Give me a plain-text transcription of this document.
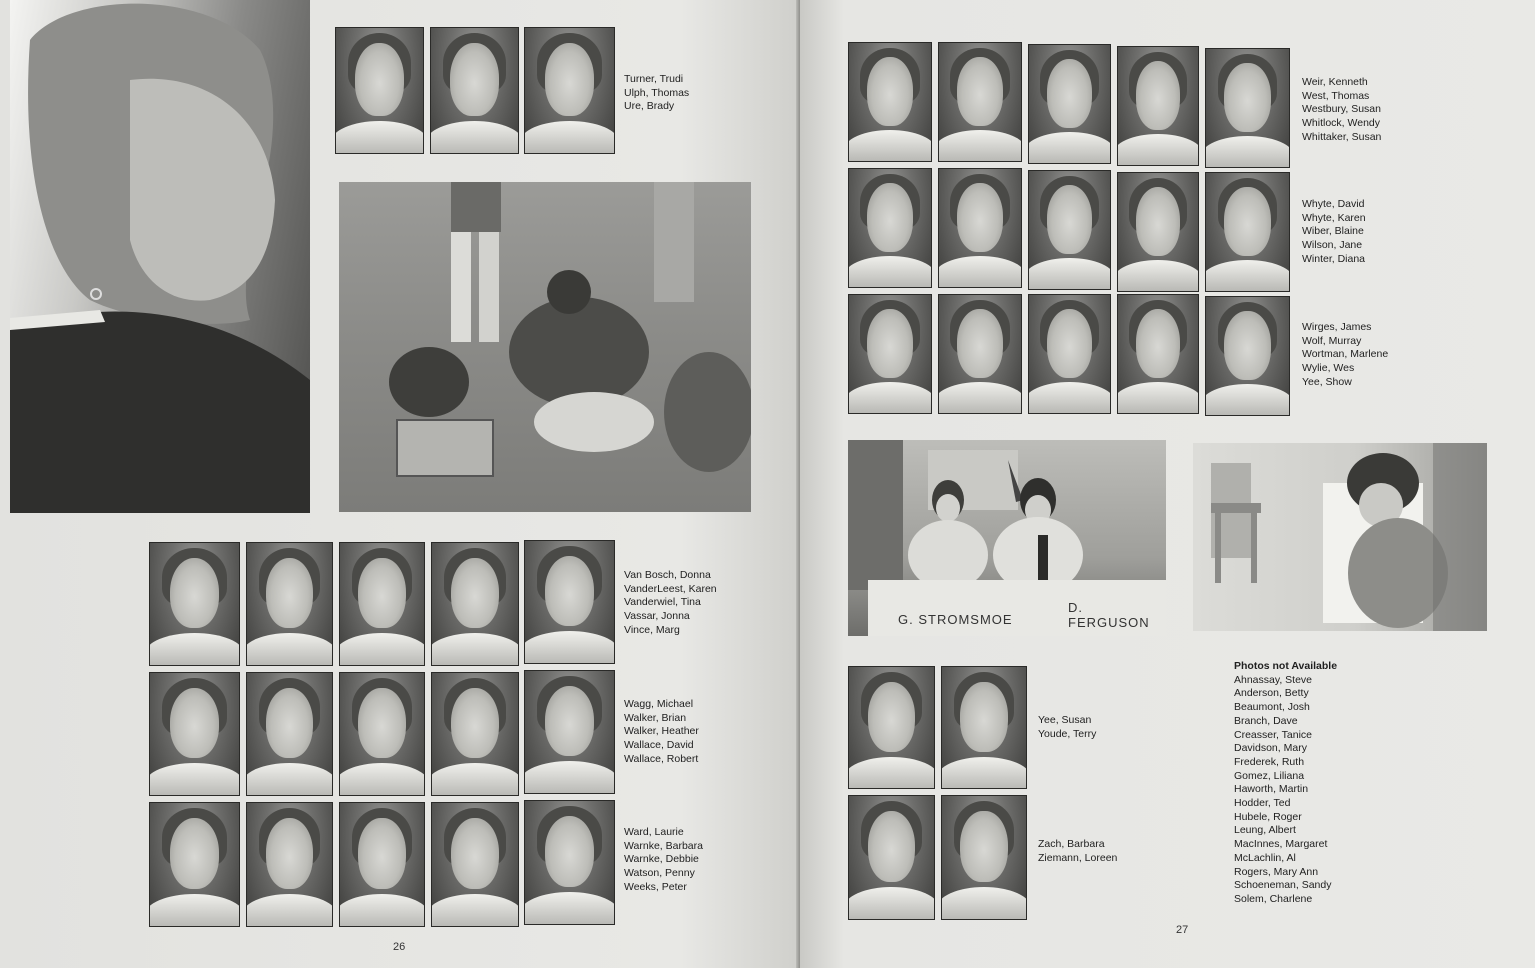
Turner, Trudi
Ulph, Thomas
Ure, Brady
Van Bosch, Donna
VanderLeest, Karen
Vanderwiel, Tina
Vassar, Jonna
Vince, Marg
Wagg, Michael
Walker, Brian
Walker, Heather
Wallace, David
Wallace, Robert
Ward, Laurie
Warnke, Barbara
Warnke, Debbie
Watson, Penny
Weeks, Peter
26
Weir, Kenneth
West, Thomas
Westbury, Susan
Whitlock, Wendy
Whittaker, Susan
Whyte, David
Whyte, Karen
Wiber, Blaine
Wilson, Jane
Winter, Diana
Wirges, James
Wolf, Murray
Wortman, Marlene
Wylie, Wes
Yee, Show
G. STROMSMOE
D. FERGUSON
Yee, Susan
Youde, Terry
Zach, Barbara
Ziemann, Loreen
Photos not Available
Ahnassay, Steve
Anderson, Betty
Beaumont, Josh
Branch, Dave
Creasser, Tanice
Davidson, Mary
Frederek, Ruth
Gomez, Liliana
Haworth, Martin
Hodder, Ted
Hubele, Roger
Leung, Albert
MacInnes, Margaret
McLachlin, Al
Rogers, Mary Ann
Schoeneman, Sandy
Solem, Charlene
27
